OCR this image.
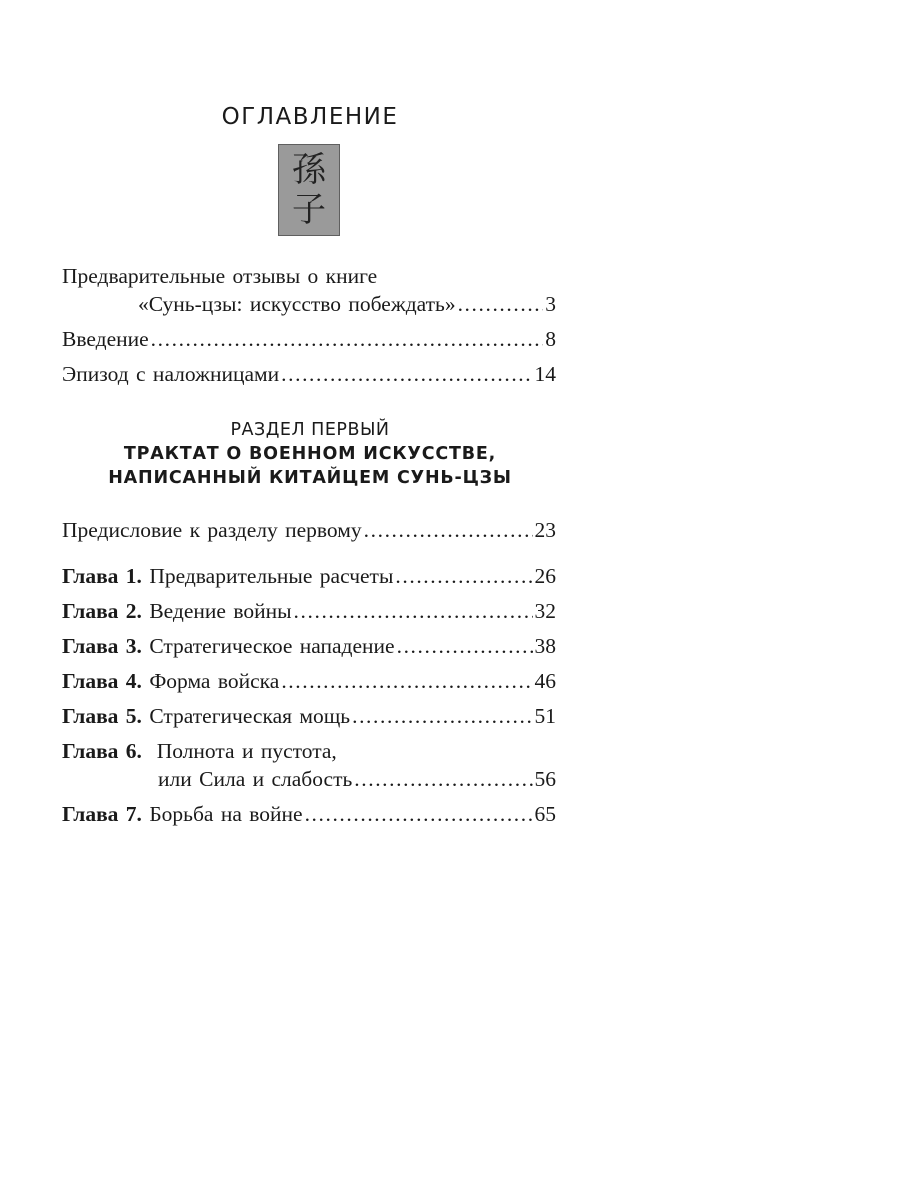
ОГЛАВЛЕНИЕ
孫
子
Предварительные отзывы о книге
«Сунь-цзы: искусство побеждать» .....	3
Введение .....	8
Эпизод с наложницами .....	14
РАЗДЕЛ ПЕРВЫЙ
ТРАКТАТ О ВОЕННОМ ИСКУССТВЕ,
НАПИСАННЫЙ КИТАЙЦЕМ СУНЬ-ЦЗЫ
Предисловие к разделу первому .....	23
Глава 1. Предварительные расчеты .....	26
Глава 2. Ведение войны .....	32
Глава 3. Стратегическое нападение .....	38
Глава 4. Форма войска .....	46
Глава 5. Стратегическая мощь .....	51
Глава 6. Полнота и пустота,
или Сила и слабость .....	56
Глава 7. Борьба на войне .....	65
